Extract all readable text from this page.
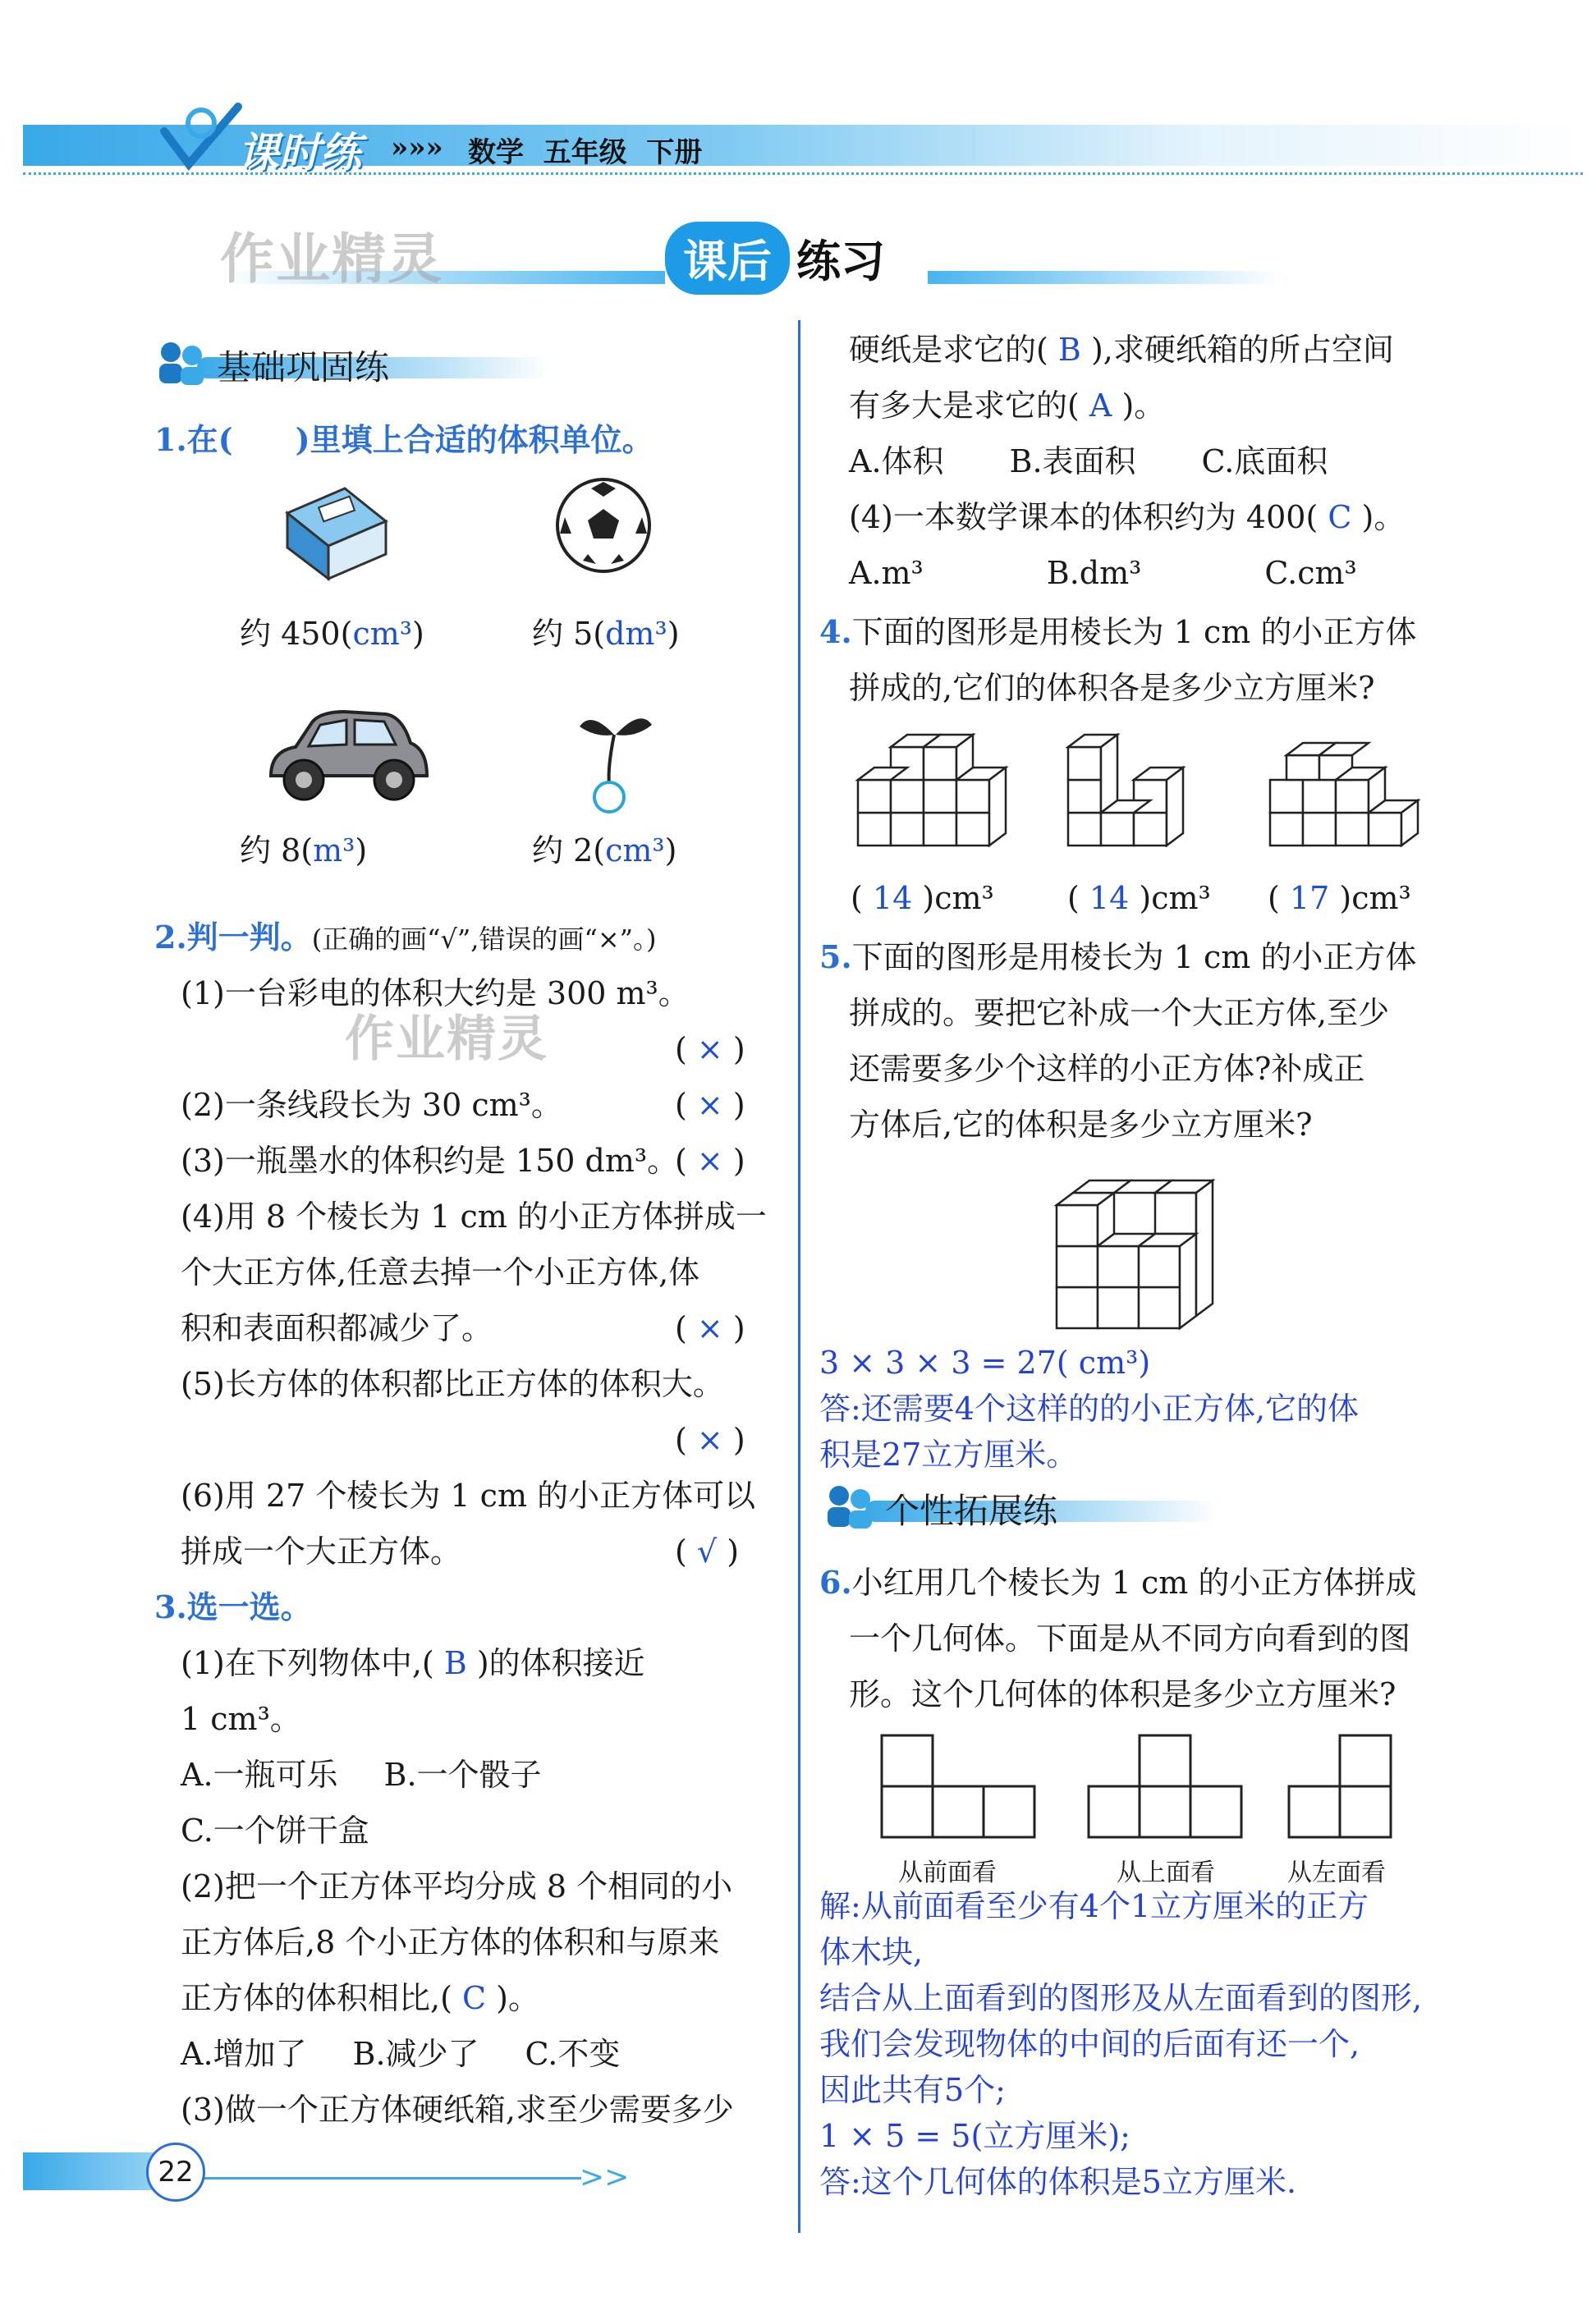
课时练 »»» 数学 五年级 下册
作业精灵	课后 练习
基础巩固练
1.在(　　)里填上合适的体积单位。
约 450(cm³)	约 5(dm³)
约 8(m³)	约 2(cm³)
2.判一判。(正确的画“√”,错误的画“×”。)
(1)一台彩电的体积大约是 300 m³。
作业精灵	( × )
(2)一条线段长为 30 cm³。	( × )
(3)一瓶墨水的体积约是 150 dm³。
( × )
(4)用 8 个棱长为 1 cm 的小正方体拼成一
个大正方体,任意去掉一个小正方体,体
积和表面积都减少了。	( × )
(5)长方体的体积都比正方体的体积大。
( × )
(6)用 27 个棱长为 1 cm 的小正方体可以
拼成一个大正方体。	( √ )
3.选一选。
(1)在下列物体中,( B )的体积接近
1 cm³。
A.一瓶可乐 B.一个骰子
C.一个饼干盒
(2)把一个正方体平均分成 8 个相同的小
正方体后,8 个小正方体的体积和与原来
正方体的体积相比,( C )。
A.增加了 B.减少了 C.不变
(3)做一个正方体硬纸箱,求至少需要多少
>>
22
硬纸是求它的( B ),求硬纸箱的所占空间
有多大是求它的( A )。
A.体积 B.表面积 C.底面积
(4)一本数学课本的体积约为 400( C )。
A.m³	B.dm³	C.cm³
4.下面的图形是用棱长为 1 cm 的小正方体
拼成的,它们的体积各是多少立方厘米?
( 14 )cm³ ( 14 )cm³ ( 17 )cm³
5.下面的图形是用棱长为 1 cm 的小正方体
拼成的。要把它补成一个大正方体,至少
还需要多少个这样的小正方体?补成正
方体后,它的体积是多少立方厘米?
3 × 3 × 3 = 27( cm³)
答:还需要4个这样的的小正方体,它的体
积是27立方厘米。
个性拓展练
6.小红用几个棱长为 1 cm 的小正方体拼成
一个几何体。下面是从不同方向看到的图
形。这个几何体的体积是多少立方厘米?
从前面看	从上面看	从左面看
解:从前面看至少有4个1立方厘米的正方
体木块,
结合从上面看到的图形及从左面看到的图形,
我们会发现物体的中间的后面有还一个,
因此共有5个;
1 × 5 = 5(立方厘米);
答:这个几何体的体积是5立方厘米.
